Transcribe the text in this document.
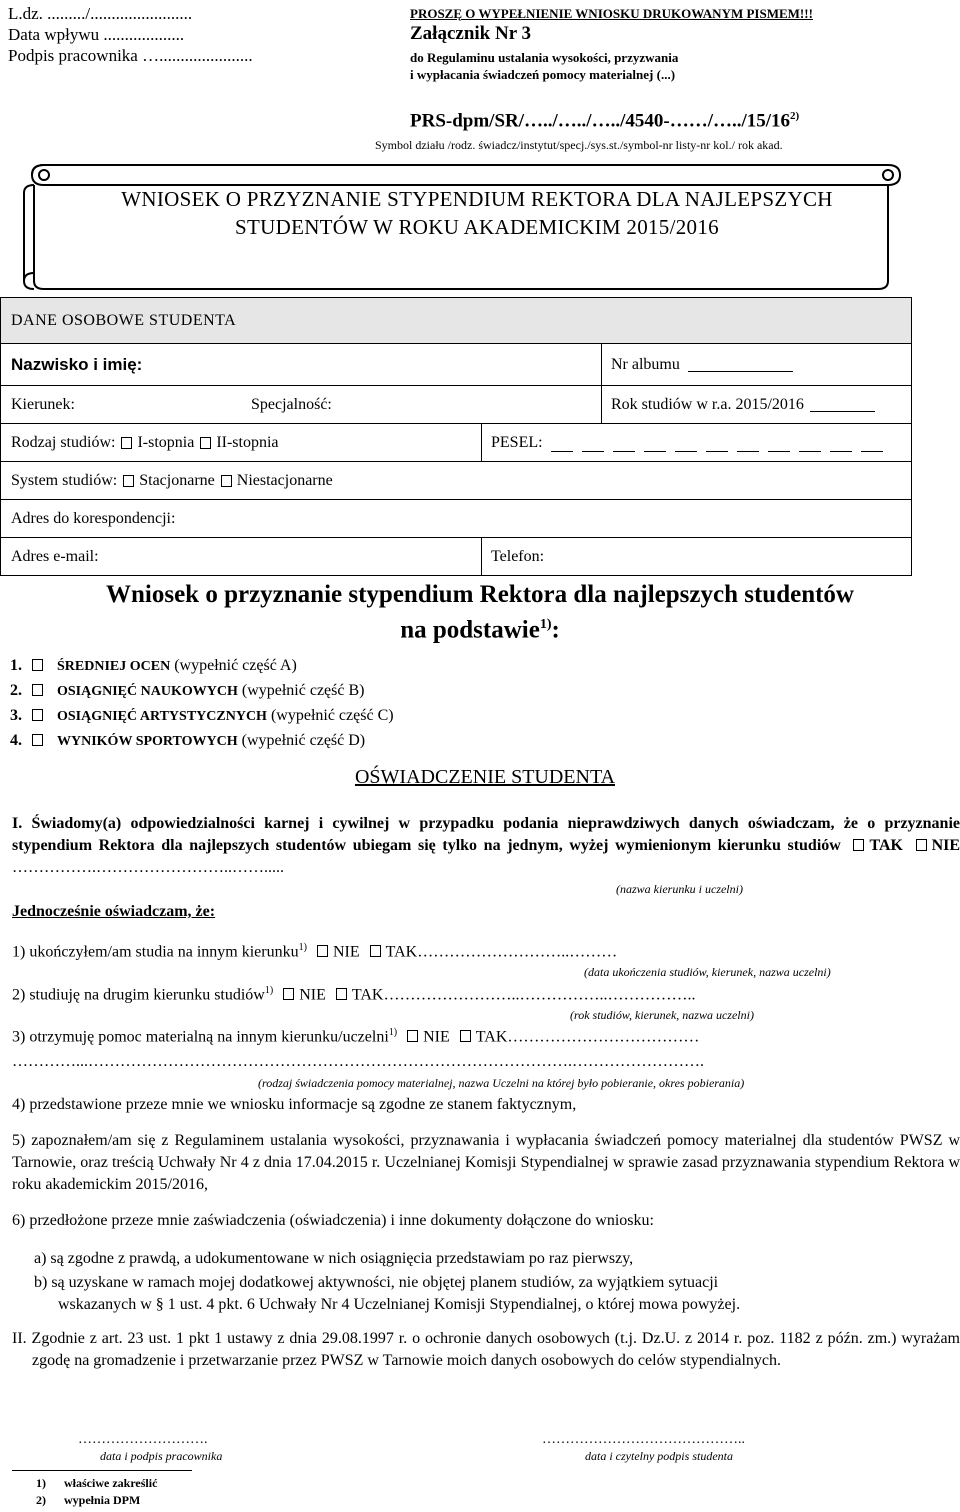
L.dz. ........./........................
Data wpływu ...................
Podpis pracownika …......................
PROSZĘ O WYPEŁNIENIE WNIOSKU DRUKOWANYM PISMEM!!!
Załącznik Nr 3
do Regulaminu ustalania wysokości, przyzwania
i wypłacania świadczeń pomocy materialnej (...)
PRS-dpm/SR/…../…../…../4540-……/…../15/16$^{2)}$
Symbol działu /rodz. świadcz/instytut/specj./sys.st./symbol-nr listy-nr kol./ rok akad.
WNIOSEK O PRZYZNANIE STYPENDIUM REKTORA DLA NAJLEPSZYCH
STUDENTÓW W ROKU AKADEMICKIM 2015/2016
DANE OSOBOWE STUDENTA
Nazwisko i imię:	Nr albumu
Kierunek:	Specjalność:	Rok studiów w r.a. 2015/2016
Rodzaj studiów: I-stopnia II-stopnia	PESEL:
System studiów: Stacjonarne Niestacjonarne
Adres do korespondencji:
Adres e-mail:	Telefon:
Wniosek o przyznanie stypendium Rektora dla najlepszych studentów
na podstawie$^{1)}$:
1.	ŚREDNIEJ OCEN (wypełnić część A)
2.	OSIĄGNIĘĆ NAUKOWYCH (wypełnić część B)
3.	OSIĄGNIĘĆ ARTYSTYCZNYCH (wypełnić część C)
4.	WYNIKÓW SPORTOWYCH (wypełnić część D)
OŚWIADCZENIE STUDENTA
I. Świadomy(a) odpowiedzialności karnej i cywilnej w przypadku podania nieprawdziwych danych oświadczam, że o przyznanie stypendium Rektora dla najlepszych studentów ubiegam się tylko na jednym, wyżej wymienionym kierunku studiów TAK NIE …………….……………………..…….....
(nazwa kierunku i uczelni)
Jednocześnie oświadczam, że:
1) ukończyłem/am studia na innym kierunku$^{1)}$ NIE TAK………………………..………
(data ukończenia studiów, kierunek, nazwa uczelni)
2) studiuję na drugim kierunku studiów$^{1)}$ NIE TAK……………………..……………..……………..
(rok studiów, kierunek, nazwa uczelni)
3) otrzymuję pomoc materialną na innym kierunku/uczelni$^{1)}$ NIE TAK………………………………
…………...……………………………………………………………………………….…………………….
(rodzaj świadczenia pomocy materialnej, nazwa Uczelni na której było pobieranie, okres pobierania)
4) przedstawione przeze mnie we wniosku informacje są zgodne ze stanem faktycznym,
5) zapoznałem/am się z Regulaminem ustalania wysokości, przyznawania i wypłacania świadczeń pomocy materialnej dla studentów PWSZ w Tarnowie, oraz treścią Uchwały Nr 4 z dnia 17.04.2015 r. Uczelnianej Komisji Stypendialnej w sprawie zasad przyznawania stypendium Rektora w roku akademickim 2015/2016,
6) przedłożone przeze mnie zaświadczenia (oświadczenia) i inne dokumenty dołączone do wniosku:
a) są zgodne z prawdą, a udokumentowane w nich osiągnięcia przedstawiam po raz pierwszy,
b) są uzyskane w ramach mojej dodatkowej aktywności, nie objętej planem studiów, za wyjątkiem sytuacji
wskazanych w § 1 ust. 4 pkt. 6 Uchwały Nr 4 Uczelnianej Komisji Stypendialnej, o której mowa powyżej.
II. Zgodnie z art. 23 ust. 1 pkt 1 ustawy z dnia 29.08.1997 r. o ochronie danych osobowych (t.j. Dz.U. z 2014 r. poz. 1182 z późn. zm.) wyrażam zgodę na gromadzenie i przetwarzanie przez PWSZ w Tarnowie moich danych osobowych do celów stypendialnych.
……………………….
data i podpis pracownika
……………………………………..
data i czytelny podpis studenta
1) właściwe zakreślić
2) wypełnia DPM
